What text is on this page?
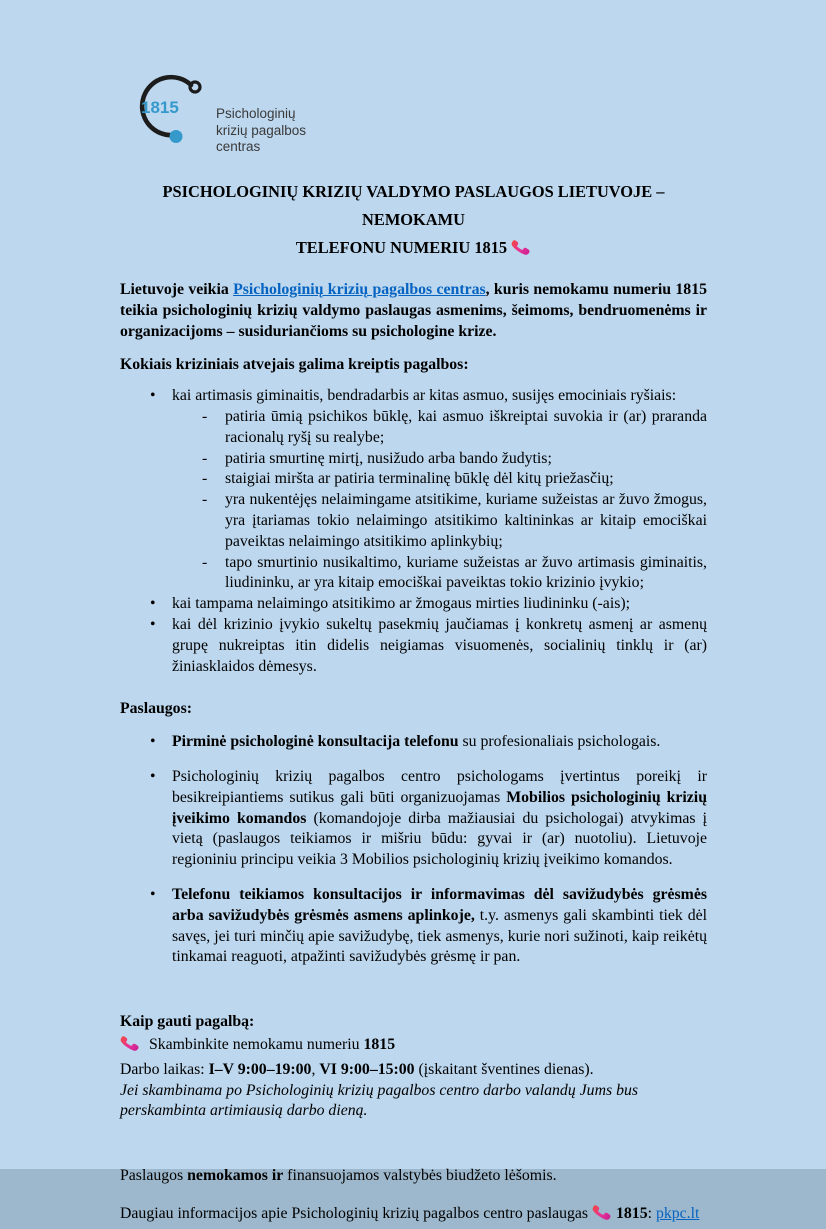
1815	Psichologinių
krizių pagalbos
centras
PSICHOLOGINIŲ KRIZIŲ VALDYMO PASLAUGOS LIETUVOJE – NEMOKAMU
TELEFONU NUMERIU 1815

Lietuvoje veikia Psichologinių krizių pagalbos centras, kuris nemokamu numeriu 1815 teikia psichologinių krizių valdymo paslaugas asmenims, šeimoms, bendruomenėms ir organizacijoms – susiduriančioms su psichologine krize.

Kokiais kriziniais atvejais galima kreiptis pagalbos:
• kai artimasis giminaitis, bendradarbis ar kitas asmuo, susijęs emociniais ryšiais:
- patiria ūmią psichikos būklę, kai asmuo iškreiptai suvokia ir (ar) praranda racionalų ryšį su realybe;
- patiria smurtinę mirtį, nusižudo arba bando žudytis;
- staigiai miršta ar patiria terminalinę būklę dėl kitų priežasčių;
- yra nukentėjęs nelaimingame atsitikime, kuriame sužeistas ar žuvo žmogus, yra įtariamas tokio nelaimingo atsitikimo kaltininkas ar kitaip emociškai paveiktas nelaimingo atsitikimo aplinkybių;
- tapo smurtinio nusikaltimo, kuriame sužeistas ar žuvo artimasis giminaitis, liudininku, ar yra kitaip emociškai paveiktas tokio krizinio įvykio;
• kai tampama nelaimingo atsitikimo ar žmogaus mirties liudininku (-ais);
• kai dėl krizinio įvykio sukeltų pasekmių jaučiamas į konkretų asmenį ar asmenų grupę nukreiptas itin didelis neigiamas visuomenės, socialinių tinklų ir (ar) žiniasklaidos dėmesys.
Paslaugos:
• Pirminė psichologinė konsultacija telefonu su profesionaliais psichologais.
• Psichologinių krizių pagalbos centro psichologams įvertintus poreikį ir besikreipiantiems sutikus gali būti organizuojamas Mobilios psichologinių krizių įveikimo komandos (komandojoje dirba mažiausiai du psichologai) atvykimas į vietą (paslaugos teikiamos ir mišriu būdu: gyvai ir (ar) nuotoliu). Lietuvoje regioniniu principu veikia 3 Mobilios psichologinių krizių įveikimo komandos.
• Telefonu teikiamos konsultacijos ir informavimas dėl savižudybės grėsmės arba savižudybės grėsmės asmens aplinkoje, t.y. asmenys gali skambinti tiek dėl savęs, jei turi minčių apie savižudybę, tiek asmenys, kurie nori sužinoti, kaip reikėtų tinkamai reaguoti, atpažinti savižudybės grėsmę ir pan.
Kaip gauti pagalbą:

Skambinkite nemokamu numeriu 1815

Darbo laikas: I–V 9:00–19:00, VI 9:00–15:00 (įskaitant šventines dienas).

Jei skambinama po Psichologinių krizių pagalbos centro darbo valandų Jums bus perskambinta artimiausią darbo dieną.

Paslaugos nemokamos ir finansuojamos valstybės biudžeto lėšomis.

Daugiau informacijos apie Psichologinių krizių pagalbos centro paslaugas  1815: pkpc.lt
